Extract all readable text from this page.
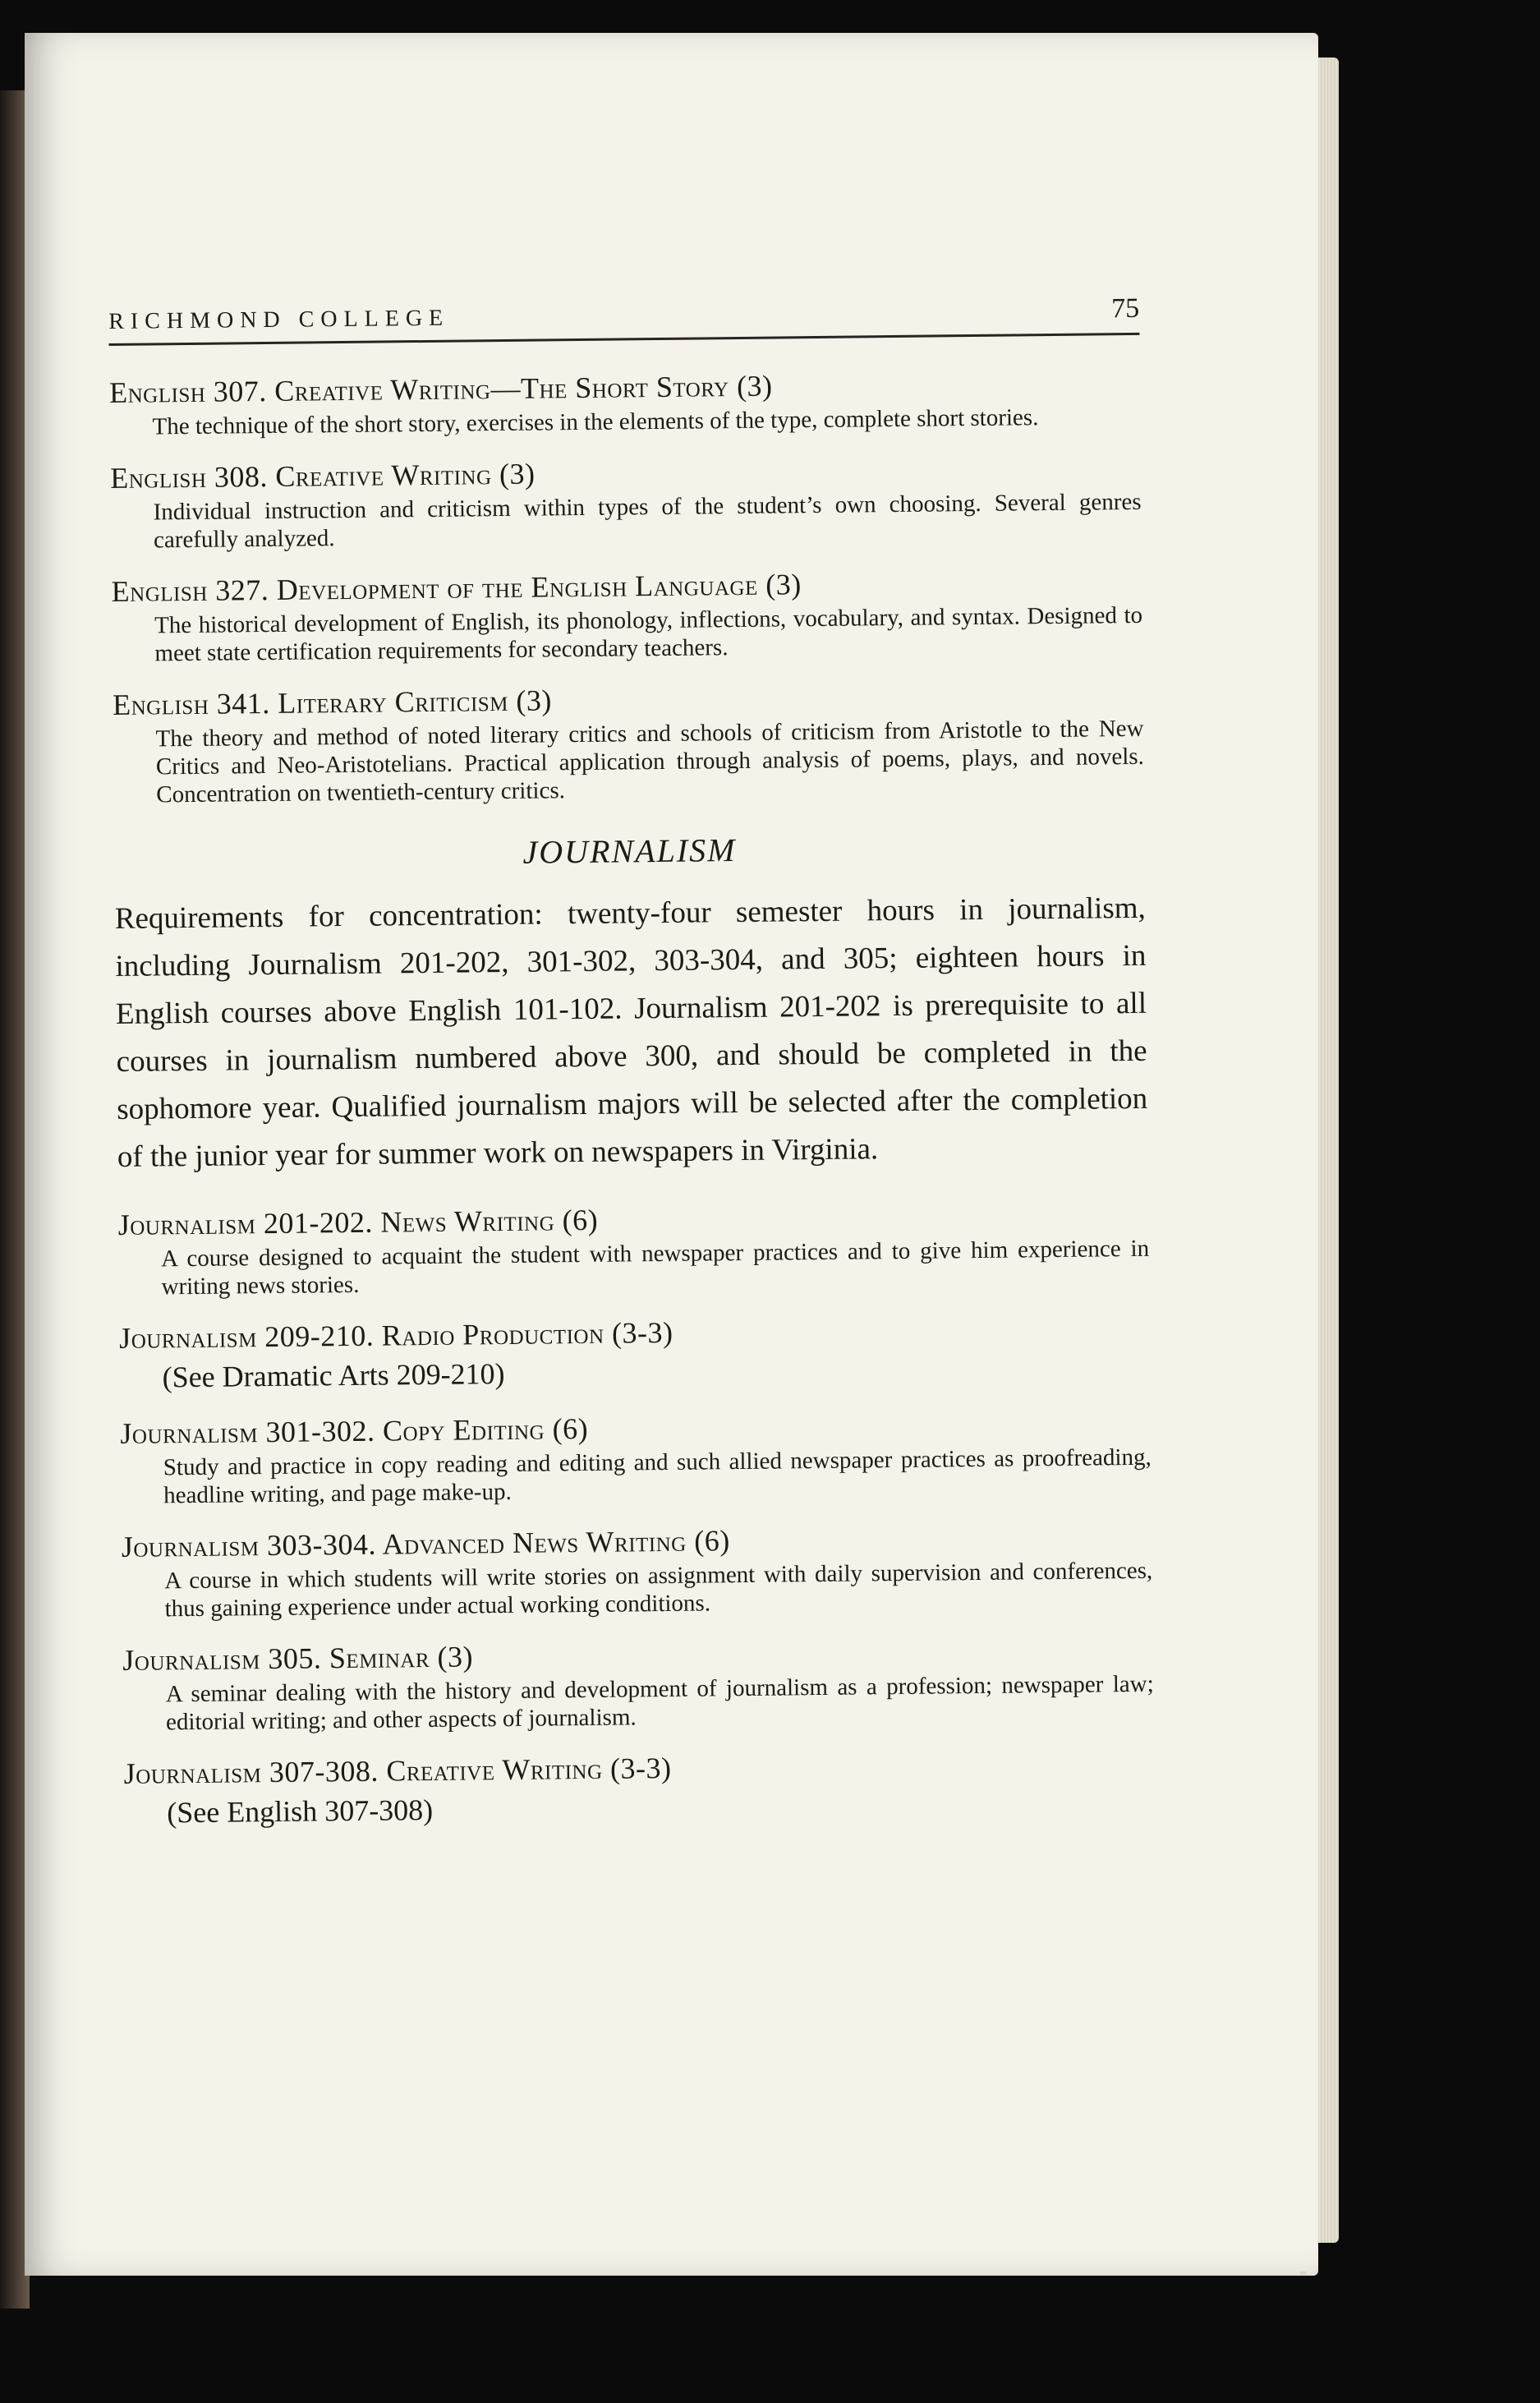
RICHMOND COLLEGE	75

English 307. Creative Writing—The Short Story (3)

The technique of the short story, exercises in the elements of the type, complete short stories.

English 308. Creative Writing (3)

Individual instruction and criticism within types of the student’s own choosing. Several genres carefully analyzed.

English 327. Development of the English Language (3)

The historical development of English, its phonology, inflections, vocabulary, and syntax. Designed to meet state certification requirements for secondary teachers.

English 341. Literary Criticism (3)

The theory and method of noted literary critics and schools of criticism from Aristotle to the New Critics and Neo-Aristotelians. Practical application through analysis of poems, plays, and novels. Concentration on twentieth-century critics.

JOURNALISM

Requirements for concentration: twenty-four semester hours in journalism, including Journalism 201-202, 301-302, 303-304, and 305; eighteen hours in English courses above English 101-102. Journalism 201-202 is prerequisite to all courses in journalism numbered above 300, and should be completed in the sophomore year. Qualified journalism majors will be selected after the completion of the junior year for summer work on newspapers in Virginia.

Journalism 201-202. News Writing (6)

A course designed to acquaint the student with newspaper practices and to give him experience in writing news stories.

Journalism 209-210. Radio Production (3-3)

(See Dramatic Arts 209-210)

Journalism 301-302. Copy Editing (6)

Study and practice in copy reading and editing and such allied newspaper practices as proofreading, headline writing, and page make-up.

Journalism 303-304. Advanced News Writing (6)

A course in which students will write stories on assignment with daily supervision and conferences, thus gaining experience under actual working conditions.

Journalism 305. Seminar (3)

A seminar dealing with the history and development of journalism as a profession; newspaper law; editorial writing; and other aspects of journalism.

Journalism 307-308. Creative Writing (3-3)

(See English 307-308)
